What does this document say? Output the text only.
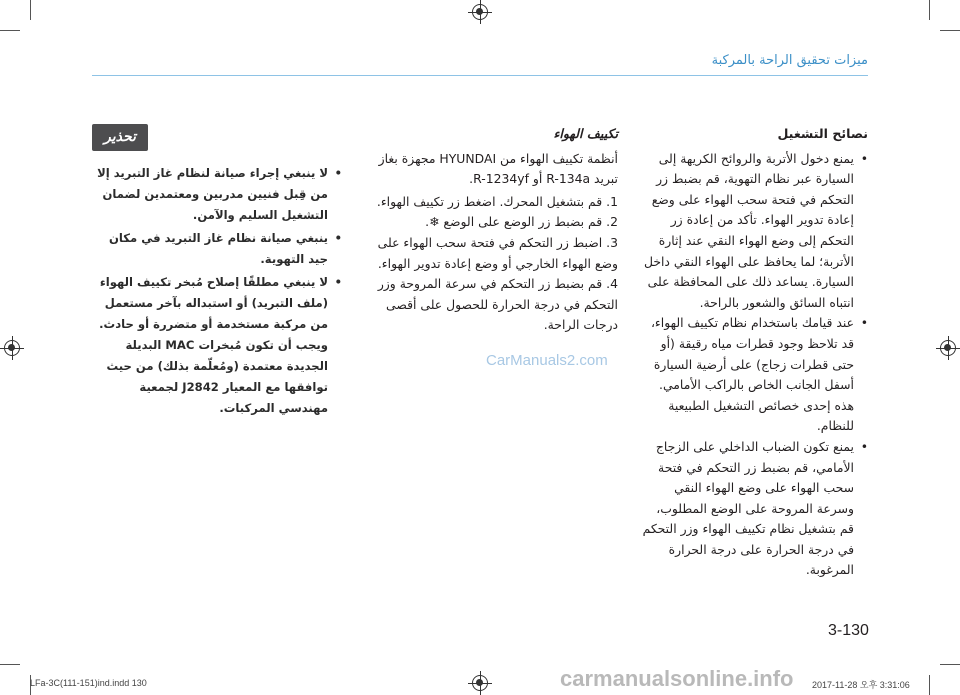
ميزات تحقيق الراحة بالمركبة
نصائح التشغيل
• يمنع دخول الأتربة والروائح الكريهة إلى السيارة عبر نظام التهوية، قم بضبط زر التحكم في فتحة سحب الهواء على وضع إعادة تدوير الهواء. تأكد من إعادة زر التحكم إلى وضع الهواء النقي عند إثارة الأتربة؛ لما يحافظ على الهواء النقي داخل السيارة. يساعد ذلك على المحافظة على انتباه السائق والشعور بالراحة.
• عند قيامك باستخدام نظام تكييف الهواء، قد تلاحظ وجود قطرات مياه رقيقة (أو حتى قطرات زجاج) على أرضية السيارة أسفل الجانب الخاص بالراكب الأمامي. هذه إحدى خصائص التشغيل الطبيعية للنظام.
• يمنع تكون الضباب الداخلي على الزجاج الأمامي، قم بضبط زر التحكم في فتحة سحب الهواء على وضع الهواء النقي وسرعة المروحة على الوضع المطلوب، قم بتشغيل نظام تكييف الهواء وزر التحكم في درجة الحرارة على درجة الحرارة المرغوبة.
تكييف الهواء
أنظمة تكييف الهواء من HYUNDAI مجهزة بغاز تبريد R-134a أو R-1234yf.
1. قم بتشغيل المحرك. اضغط زر تكييف الهواء.
2. قم بضبط زر الوضع على الوضع ❄.
3. اضبط زر التحكم في فتحة سحب الهواء على وضع الهواء الخارجي أو وضع إعادة تدوير الهواء.
4. قم بضبط زر التحكم في سرعة المروحة وزر التحكم في درجة الحرارة للحصول على أقصى درجات الراحة.
تحذير
• لا ينبغي إجراء صيانة لنظام غاز التبريد إلا من قِبل فنيين مدربين ومعتمدين لضمان التشغيل السليم والآمن.
• ينبغي صيانة نظام غاز التبريد في مكان جيد التهوية.
• لا ينبغي مطلقًا إصلاح مُبخر تكييف الهواء (ملف التبريد) أو استبداله بآخر مستعمل من مركبة مستخدمة أو متضررة أو حادث. ويجب أن تكون مُبخرات MAC البديلة الجديدة معتمدة (ومُعلّمة بذلك) من حيث توافقها مع المعيار J2842 لجمعية مهندسي المركبات.
CarManuals2.com
3-130
LFa-3C(111-151)ind.indd 130	2017-11-28 오후 3:31:06
carmanualsonline.info
